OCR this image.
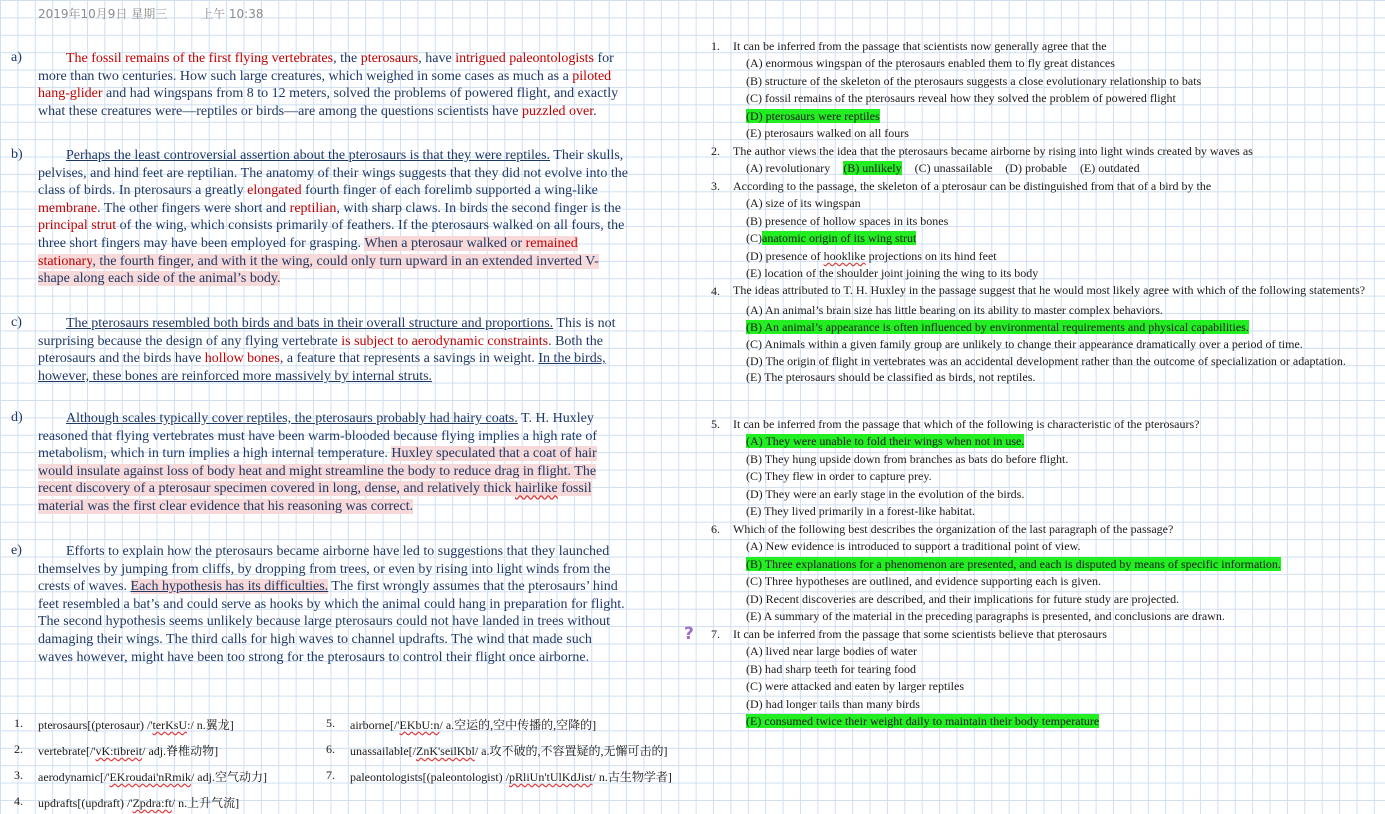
2019年10月9日 星期三	上午 10:38
a)	The fossil remains of the first flying vertebrates, the pterosaurs, have intrigued paleontologists for more than two centuries. How such large creatures, which weighed in some cases as much as a piloted hang-glider and had wingspans from 8 to 12 meters, solved the problems of powered flight, and exactly what these creatures were—reptiles or birds—are among the questions scientists have puzzled over.
b)	Perhaps the least controversial assertion about the pterosaurs is that they were reptiles. Their skulls, pelvises, and hind feet are reptilian. The anatomy of their wings suggests that they did not evolve into the class of birds. In pterosaurs a greatly elongated fourth finger of each forelimb supported a wing-like membrane. The other fingers were short and reptilian, with sharp claws. In birds the second finger is the principal strut of the wing, which consists primarily of feathers. If the pterosaurs walked on all fours, the three short fingers may have been employed for grasping. When a pterosaur walked or remained stationary, the fourth finger, and with it the wing, could only turn upward in an extended inverted V-shape along each side of the animal’s body.
c)	The pterosaurs resembled both birds and bats in their overall structure and proportions. This is not surprising because the design of any flying vertebrate is subject to aerodynamic constraints. Both the pterosaurs and the birds have hollow bones, a feature that represents a savings in weight. In the birds, however, these bones are reinforced more massively by internal struts.
d)	Although scales typically cover reptiles, the pterosaurs probably had hairy coats. T. H. Huxley reasoned that flying vertebrates must have been warm-blooded because flying implies a high rate of metabolism, which in turn implies a high internal temperature. Huxley speculated that a coat of hair would insulate against loss of body heat and might streamline the body to reduce drag in flight. The recent discovery of a pterosaur specimen covered in long, dense, and relatively thick hairlike fossil material was the first clear evidence that his reasoning was correct.
e)	Efforts to explain how the pterosaurs became airborne have led to suggestions that they launched themselves by jumping from cliffs, by dropping from trees, or even by rising into light winds from the crests of waves. Each hypothesis has its difficulties. The first wrongly assumes that the pterosaurs’ hind feet resembled a bat’s and could serve as hooks by which the animal could hang in preparation for flight. The second hypothesis seems unlikely because large pterosaurs could not have landed in trees without damaging their wings. The third calls for high waves to channel updrafts. The wind that made such waves however, might have been too strong for the pterosaurs to control their flight once airborne.
1.	It can be inferred from the passage that scientists now generally agree that the
(A) enormous wingspan of the pterosaurs enabled them to fly great distances
(B) structure of the skeleton of the pterosaurs suggests a close evolutionary relationship to bats
(C) fossil remains of the pterosaurs reveal how they solved the problem of powered flight
(D) pterosaurs were reptiles
(E) pterosaurs walked on all fours
2.	The author views the idea that the pterosaurs became airborne by rising into light winds created by waves as
(A) revolutionary (B) unlikely (C) unassailable (D) probable (E) outdated
3.	According to the passage, the skeleton of a pterosaur can be distinguished from that of a bird by the
(A) size of its wingspan
(B) presence of hollow spaces in its bones
(C)anatomic origin of its wing strut
(D) presence of hooklike projections on its hind feet
(E) location of the shoulder joint joining the wing to its body
4.	The ideas attributed to T. H. Huxley in the passage suggest that he would most likely agree with which of the following statements?
(A) An animal’s brain size has little bearing on its ability to master complex behaviors.
(B) An animal’s appearance is often influenced by environmental requirements and physical capabilities.
(C) Animals within a given family group are unlikely to change their appearance dramatically over a period of time.
(D) The origin of flight in vertebrates was an accidental development rather than the outcome of specialization or adaptation.
(E) The pterosaurs should be classified as birds, not reptiles.
5.	It can be inferred from the passage that which of the following is characteristic of the pterosaurs?
(A) They were unable to fold their wings when not in use.
(B) They hung upside down from branches as bats do before flight.
(C) They flew in order to capture prey.
(D) They were an early stage in the evolution of the birds.
(E) They lived primarily in a forest-like habitat.
6.	Which of the following best describes the organization of the last paragraph of the passage?
(A) New evidence is introduced to support a traditional point of view.
(B) Three explanations for a phenomenon are presented, and each is disputed by means of specific information.
(C) Three hypotheses are outlined, and evidence supporting each is given.
(D) Recent discoveries are described, and their implications for future study are projected.
(E) A summary of the material in the preceding paragraphs is presented, and conclusions are drawn.
? 7.	It can be inferred from the passage that some scientists believe that pterosaurs
(A) lived near large bodies of water
(B) had sharp teeth for tearing food
(C) were attacked and eaten by larger reptiles
(D) had longer tails than many birds
(E) consumed twice their weight daily to maintain their body temperature
1. pterosaurs[(pterosaur) /'terKsU:/ n.翼龙]
2. vertebrate[/'vK:tibreit/ adj.脊椎动物]
3. aerodynamic[/'EKroudai'nRmik/ adj.空气动力]
4. updrafts[(updraft) /'Zpdra:ft/ n.上升气流]
5. airborne[/'EKbU:n/ a.空运的,空中传播的,空降的]
6. unassailable[/ZnK'seilKbl/ a.攻不破的,不容置疑的,无懈可击的]
7. paleontologists[(paleontologist) /pRliUn'tUlKdJist/ n.古生物学者]
